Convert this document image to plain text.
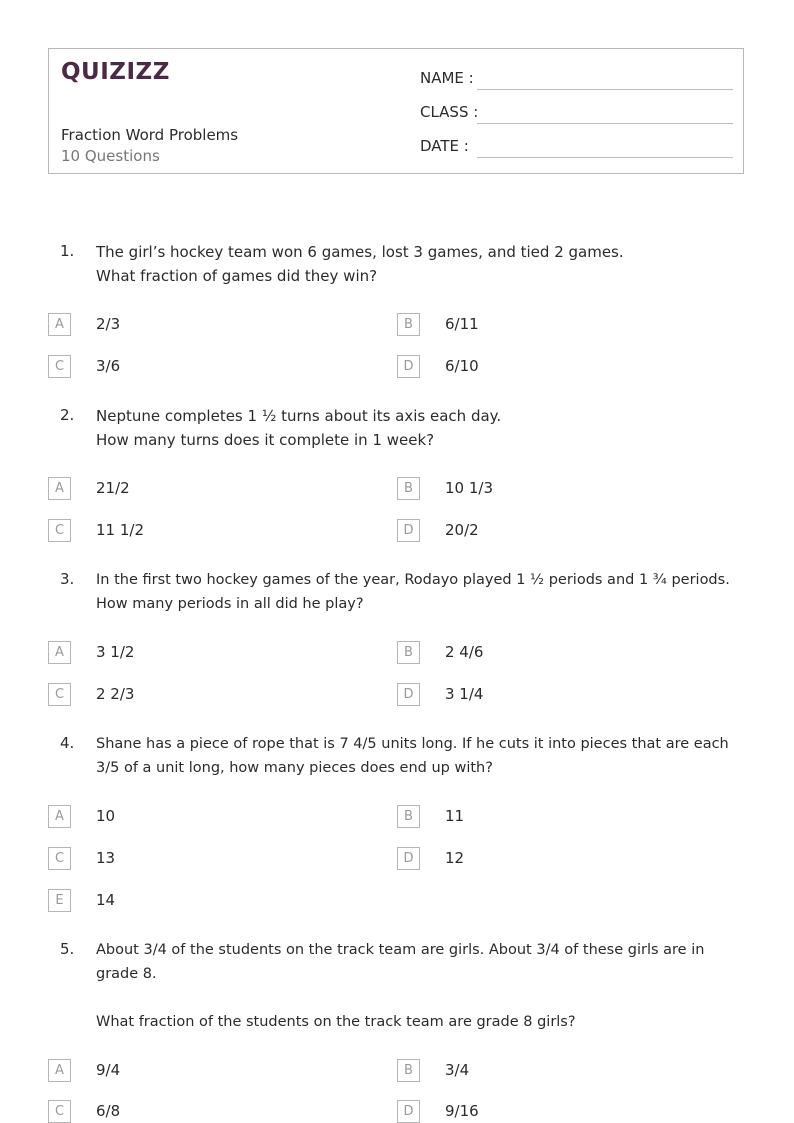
QUIZIZZ
Fraction Word Problems
10 Questions
NAME :
CLASS :
DATE :
1. The girl’s hockey team won 6 games, lost 3 games, and tied 2 games.
What fraction of games did they win?
A	2/3	B	6/11
C	3/6	D	6/10
2. Neptune completes 1 ½ turns about its axis each day.
How many turns does it complete in 1 week?
A	21/2	B	10 1/3
C	11 1/2	D	20/2
3. In the first two hockey games of the year, Rodayo played 1 ½ periods and 1 ¾ periods.
How many periods in all did he play?
A	3 1/2	B	2 4/6
C	2 2/3	D	3 1/4
4. Shane has a piece of rope that is 7 4/5 units long. If he cuts it into pieces that are each
3/5 of a unit long, how many pieces does end up with?
A	10	B	11
C	13	D	12
E	14
5. About 3/4 of the students on the track team are girls. About 3/4 of these girls are in
grade 8.
What fraction of the students on the track team are grade 8 girls?
A	9/4	B	3/4
C	6/8	D	9/16
